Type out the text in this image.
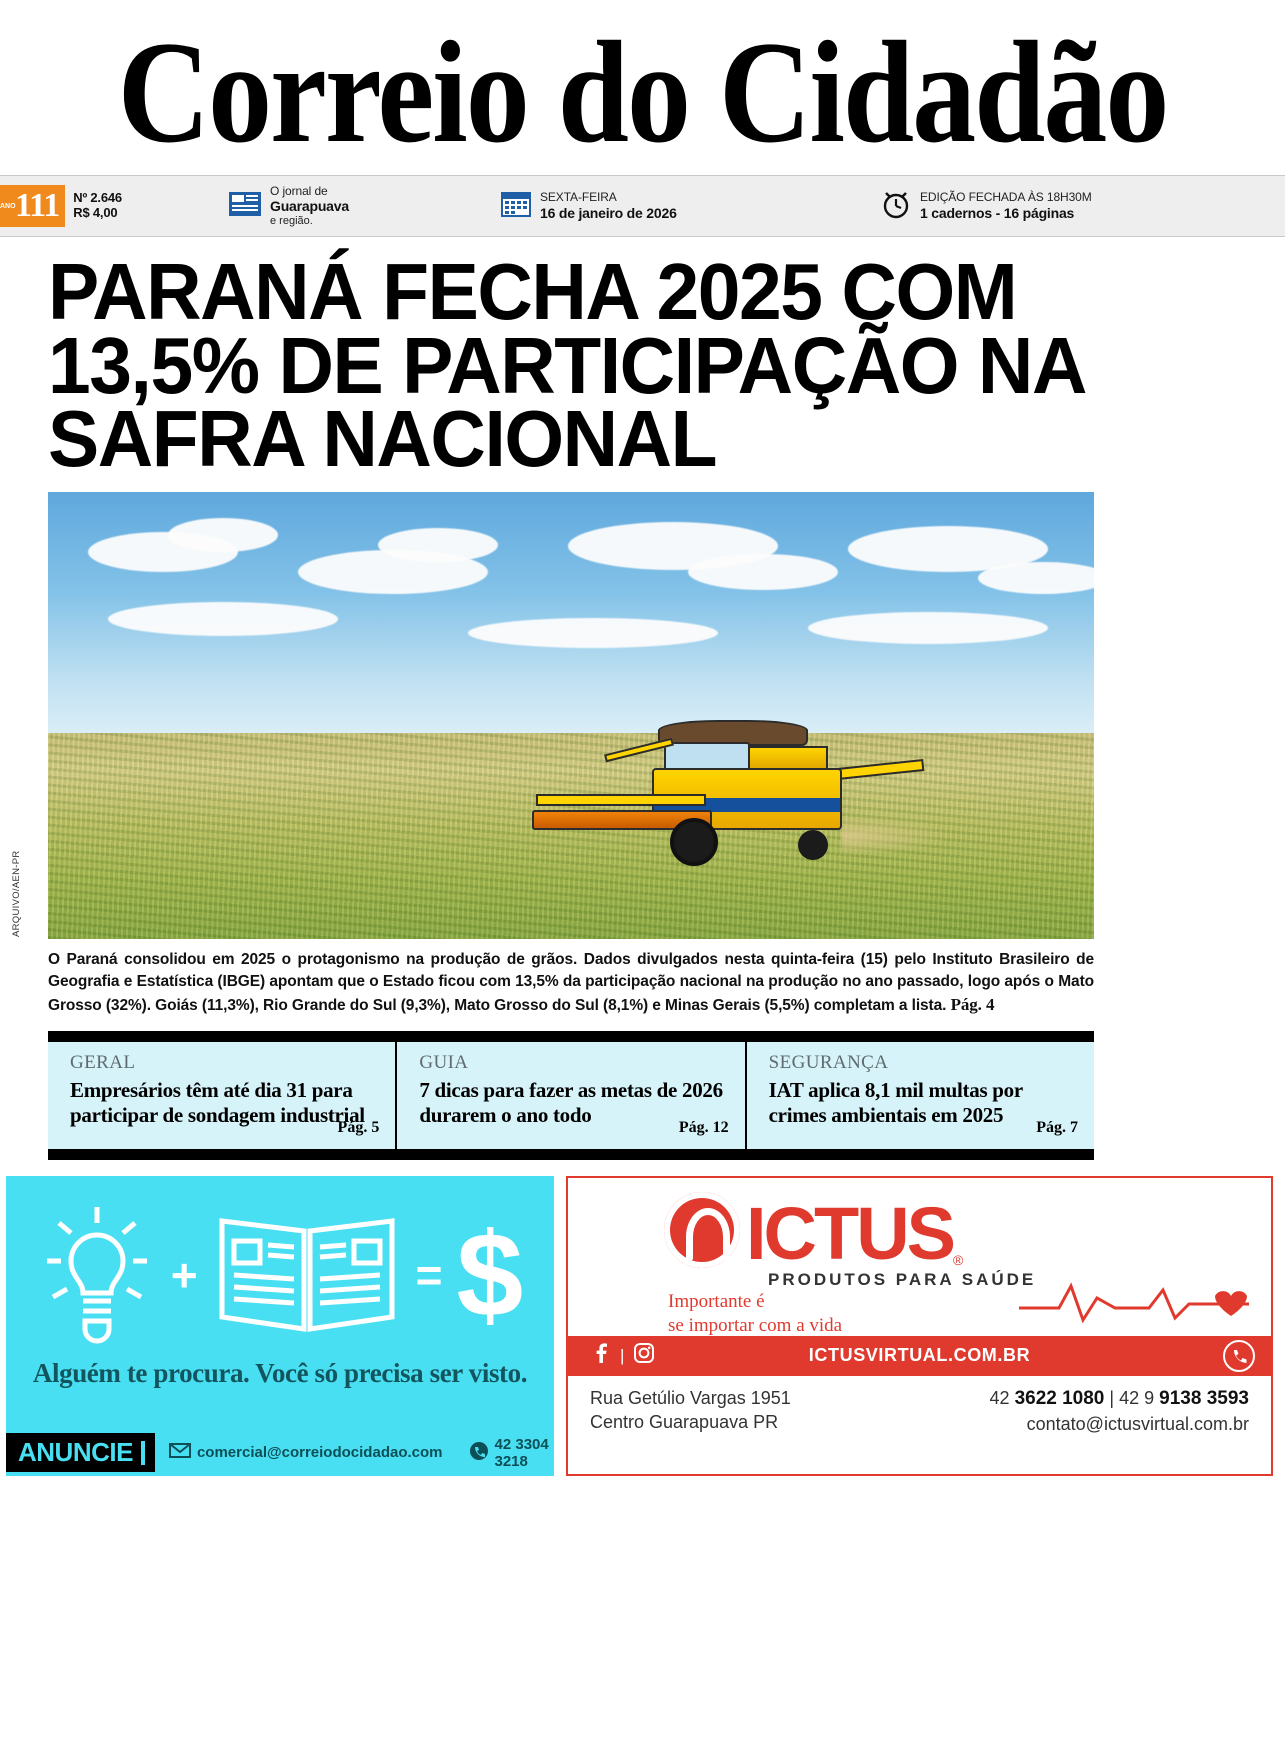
Correio do Cidadão
ANO 111 Nº 2.646
R$ 4,00
O jornal de
Guarapuava
e região.
SEXTA-FEIRA
16 de janeiro de 2026
EDIÇÃO FECHADA ÀS 18H30M
1 cadernos - 16 páginas
PARANÁ FECHA 2025 COM 13,5% DE PARTICIPAÇÃO NA SAFRA NACIONAL
ARQUIVO/AEN-PR
O Paraná consolidou em 2025 o protagonismo na produção de grãos. Dados divulgados nesta quinta-feira (15) pelo Instituto Brasileiro de Geografia e Estatística (IBGE) apontam que o Estado ficou com 13,5% da participação nacional na produção no ano passado, logo após o Mato Grosso (32%). Goiás (11,3%), Rio Grande do Sul (9,3%), Mato Grosso do Sul (8,1%) e Minas Gerais (5,5%) completam a lista. Pág. 4
GERAL
Empresários têm até dia 31 para participar de sondagem industrial
Pág. 5
GUIA
7 dicas para fazer as metas de 2026 durarem o ano todo
Pág. 12
SEGURANÇA
IAT aplica 8,1 mil multas por crimes ambientais em 2025
Pág. 7
+	= $
Alguém te procura. Você só precisa ser visto.
ANUNCIE	comercial@correiodocidadao.com	42 3304 3218
ICTUS ®
PRODUTOS PARA SAÚDE
Importante é
se importar com a vida
|	ICTUSVIRTUAL.COM.BR
Rua Getúlio Vargas 1951
Centro Guarapuava PR
42 3622 1080 | 42 9 9138 3593
contato@ictusvirtual.com.br
